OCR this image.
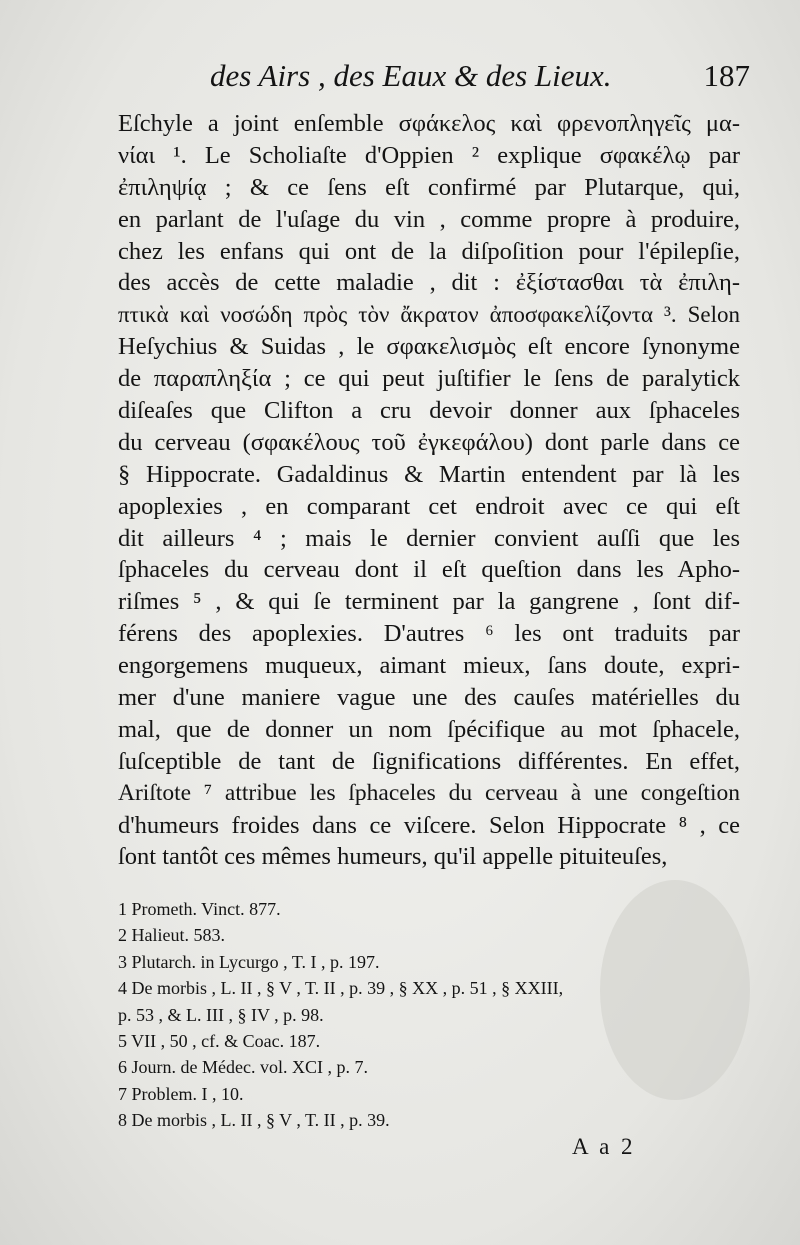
des Airs , des Eaux & des Lieux.	187
Eſchyle a joint enſemble σφάκελος καὶ φρενοπληγεῖς μα-
νίαι ¹. Le Scholiaſte d'Oppien ² explique σφακέλῳ par
ἐπιληψίᾳ ; & ce ſens eſt confirmé par Plutarque, qui,
en parlant de l'uſage du vin , comme propre à produire,
chez les enfans qui ont de la diſpoſition pour l'épilepſie,
des accès de cette maladie , dit : ἐξίστασθαι τὰ ἐπιλη-
πτικὰ καὶ νοσώδη πρὸς τὸν ἄκρατον ἀποσφακελίζοντα ³. Selon
Heſychius & Suidas , le σφακελισμὸς eſt encore ſynonyme
de παραπληξία ; ce qui peut juſtifier le ſens de paralytick
diſeaſes que Clifton a cru devoir donner aux ſphaceles
du cerveau (σφακέλους τοῦ ἐγκεφάλου) dont parle dans ce
§ Hippocrate. Gadaldinus & Martin entendent par là les
apoplexies , en comparant cet endroit avec ce qui eſt
dit ailleurs ⁴ ; mais le dernier convient auſſi que les
ſphaceles du cerveau dont il eſt queſtion dans les Apho-
riſmes ⁵ , & qui ſe terminent par la gangrene , ſont dif-
férens des apoplexies. D'autres ⁶ les ont traduits par
engorgemens muqueux, aimant mieux, ſans doute, expri-
mer d'une maniere vague une des cauſes matérielles du
mal, que de donner un nom ſpécifique au mot ſphacele,
ſuſceptible de tant de ſignifications différentes. En effet,
Ariſtote ⁷ attribue les ſphaceles du cerveau à une congeſtion
d'humeurs froides dans ce viſcere. Selon Hippocrate ⁸ , ce
ſont tantôt ces mêmes humeurs, qu'il appelle pituiteuſes,
1 Prometh. Vinct. 877.
2 Halieut. 583.
3 Plutarch. in Lycurgo , T. I , p. 197.
4 De morbis , L. II , § V , T. II , p. 39 , § XX , p. 51 , § XXIII,
p. 53 , & L. III , § IV , p. 98.
5 VII , 50 , cf. & Coac. 187.
6 Journ. de Médec. vol. XCI , p. 7.
7 Problem. I , 10.
8 De morbis , L. II , § V , T. II , p. 39.
A a 2
